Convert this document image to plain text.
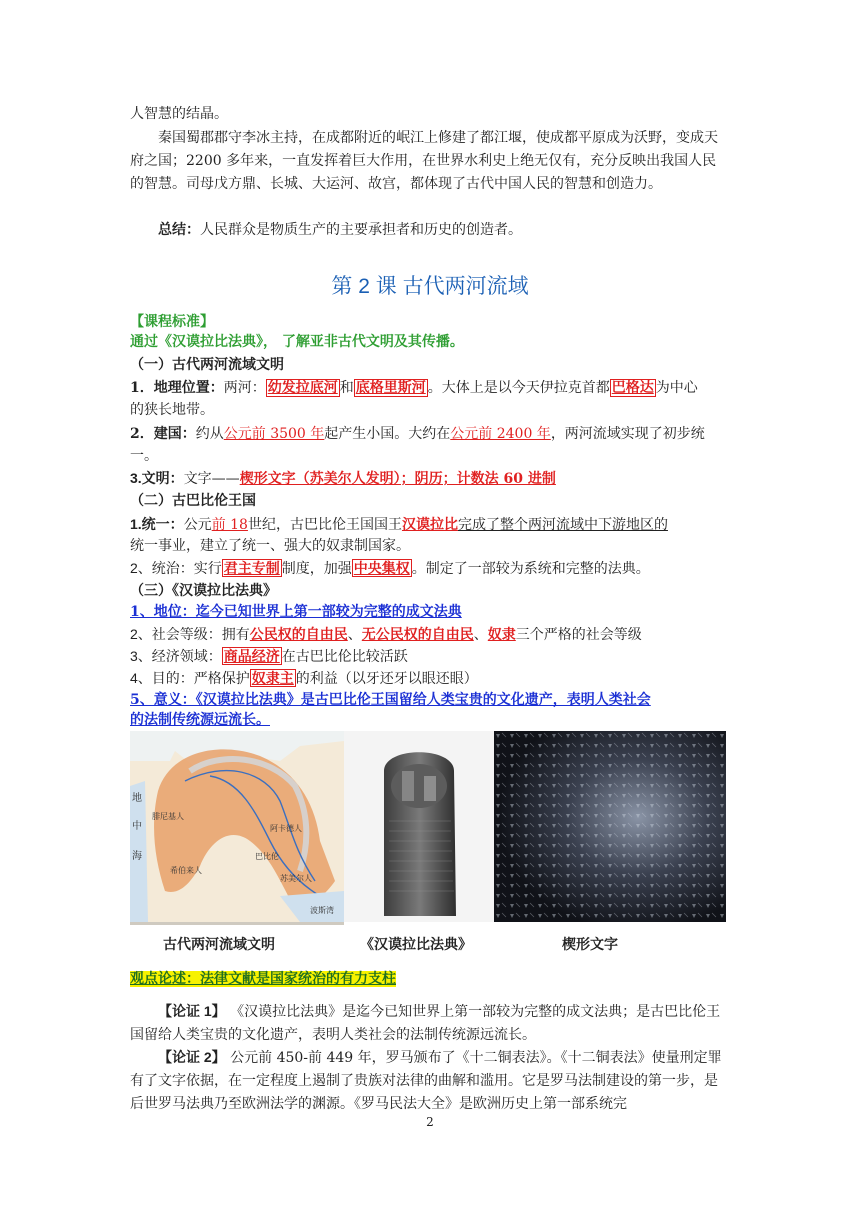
人智慧的结晶。
秦国蜀郡郡守李冰主持，在成都附近的岷江上修建了都江堰，使成都平原成为沃野，变成天府之国；2200 多年来，一直发挥着巨大作用，在世界水利史上绝无仅有，充分反映出我国人民的智慧。司母戊方鼎、长城、大运河、故宫，都体现了古代中国人民的智慧和创造力。
总结：人民群众是物质生产的主要承担者和历史的创造者。
第 2 课 古代两河流域
【课程标准】
通过《汉谟拉比法典》， 了解亚非古代文明及其传播。
（一）古代两河流域文明
1．地理位置：两河： 幼发拉底河 和 底格里斯河 。大体上是以今天伊拉克首都 巴格达 为中心
的狭长地带。
2．建国：约从公元前 3500 年起产生小国。大约在公元前 2400 年，两河流域实现了初步统
一。
3.文明：文字——楔形文字（苏美尔人发明）；阴历；计数法 60 进制
（二）古巴比伦王国
1.统一：公元前 18世纪，古巴比伦王国国王汉谟拉比完成了整个两河流域中下游地区的
统一事业，建立了统一、强大的奴隶制国家。
2、统治：实行 君主专制 制度，加强 中央集权 。制定了一部较为系统和完整的法典。
（三）《汉谟拉比法典》
1、地位：迄今已知世界上第一部较为完整的成文法典
2、社会等级：拥有公民权的自由民、无公民权的自由民、奴隶三个严格的社会等级
3、经济领域： 商品经济 在古巴比伦比较活跃
4、目的：严格保护 奴隶主 的利益（以牙还牙以眼还眼）
5、意义：《汉谟拉比法典》是古巴比伦王国留给人类宝贵的文化遗产，表明人类社会
的法制传统源远流长。
地
中
海
腓尼基人
希伯来人
阿卡德人
巴比伦
苏美尔人
波斯湾
古代两河流域文明	《汉谟拉比法典》	楔形文字
观点论述：法律文献是国家统治的有力支柱
【论证 1】 《汉谟拉比法典》是迄今已知世界上第一部较为完整的成文法典；是古巴比伦王国留给人类宝贵的文化遗产，表明人类社会的法制传统源远流长。
【论证 2】 公元前 450-前 449 年，罗马颁布了《十二铜表法》。《十二铜表法》使量刑定罪有了文字依据，在一定程度上遏制了贵族对法律的曲解和滥用。它是罗马法制建设的第一步，是后世罗马法典乃至欧洲法学的渊源。《罗马民法大全》是欧洲历史上第一部系统完
2
